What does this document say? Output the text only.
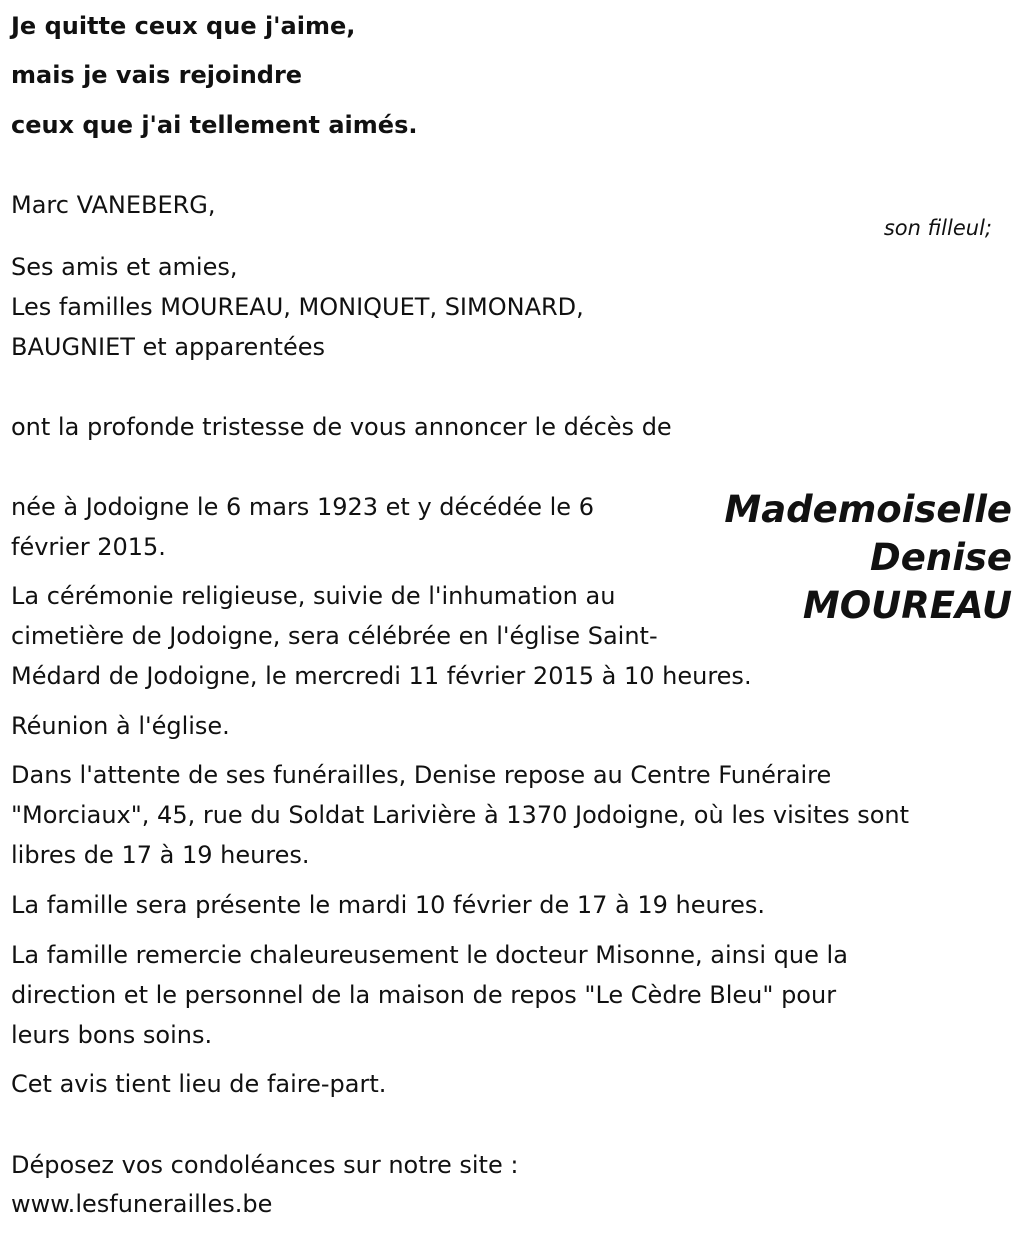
Je quitte ceux que j'aime,
mais je vais rejoindre
ceux que j'ai tellement aimés.
Marc VANEBERG,
son filleul;
Ses amis et amies,
Les familles MOUREAU, MONIQUET, SIMONARD,
BAUGNIET et apparentées
ont la profonde tristesse de vous annoncer le décès de
Mademoiselle
Denise
MOUREAU
née à Jodoigne le 6 mars 1923 et y décédée le 6
février 2015.
La cérémonie religieuse, suivie de l'inhumation au
cimetière de Jodoigne, sera célébrée en l'église Saint-
Médard de Jodoigne, le mercredi 11 février 2015 à 10 heures.
Réunion à l'église.
Dans l'attente de ses funérailles, Denise repose au Centre Funéraire
"Morciaux", 45, rue du Soldat Larivière à 1370 Jodoigne, où les visites sont
libres de 17 à 19 heures.
La famille sera présente le mardi 10 février de 17 à 19 heures.
La famille remercie chaleureusement le docteur Misonne, ainsi que la
direction et le personnel de la maison de repos "Le Cèdre Bleu" pour
leurs bons soins.
Cet avis tient lieu de faire-part.
Déposez vos condoléances sur notre site :
www.lesfunerailles.be
